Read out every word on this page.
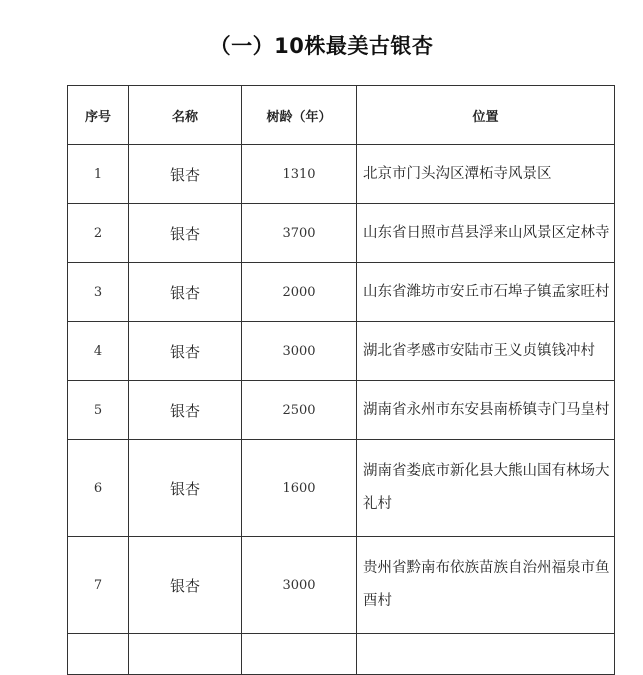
（一）10株最美古银杏
序号	名称	树龄（年）	位置
1	银杏	1310	北京市门头沟区潭柘寺风景区
2	银杏	3700	山东省日照市莒县浮来山风景区定林寺
3	银杏	2000	山东省潍坊市安丘市石埠子镇孟家旺村
4	银杏	3000	湖北省孝感市安陆市王义贞镇钱冲村
5	银杏	2500	湖南省永州市东安县南桥镇寺门马皇村
6	银杏	1600	湖南省娄底市新化县大熊山国有林场大礼村
7	银杏	3000	贵州省黔南布依族苗族自治州福泉市鱼酉村
